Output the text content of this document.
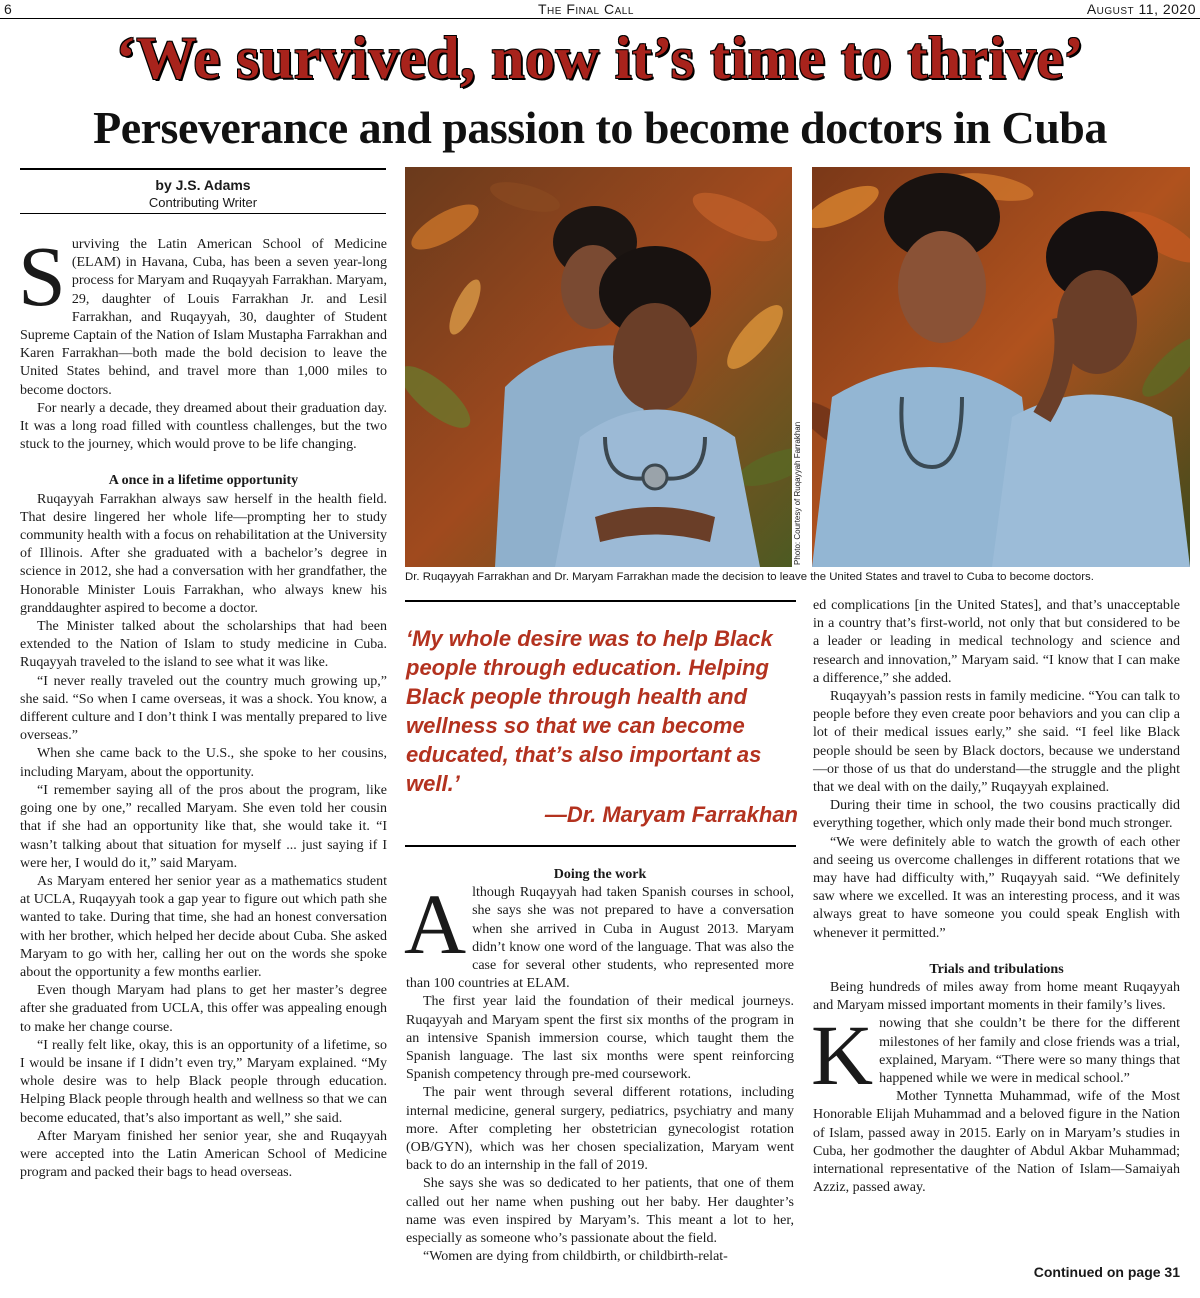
6	The Final Call	August 11, 2020
‘We survived, now it’s time to thrive’
Perseverance and passion to become doctors in Cuba
by J.S. Adams
Contributing Writer

Surviving the Latin American School of Medicine (ELAM) in Havana, Cuba, has been a seven year-long process for Maryam and Ruqayyah Farrakhan. Maryam, 29, daughter of Louis Farrakhan Jr. and Lesil Farrakhan, and Ruqayyah, 30, daughter of Student Supreme Captain of the Nation of Islam Mustapha Farrakhan and Karen Farrakhan—both made the bold decision to leave the United States behind, and travel more than 1,000 miles to become doctors.

For nearly a decade, they dreamed about their graduation day. It was a long road filled with countless challenges, but the two stuck to the journey, which would prove to be life changing.

A once in a lifetime opportunity

Ruqayyah Farrakhan always saw herself in the health field. That desire lingered her whole life—prompting her to study community health with a focus on rehabilitation at the University of Illinois. After she graduated with a bachelor’s degree in science in 2012, she had a conversation with her grandfather, the Honorable Minister Louis Farrakhan, who always knew his granddaughter aspired to become a doctor.

The Minister talked about the scholarships that had been extended to the Nation of Islam to study medicine in Cuba. Ruqayyah traveled to the island to see what it was like.

“I never really traveled out the country much growing up,” she said. “So when I came overseas, it was a shock. You know, a different culture and I don’t think I was mentally prepared to live overseas.”

When she came back to the U.S., she spoke to her cousins, including Maryam, about the opportunity.

“I remember saying all of the pros about the program, like going one by one,” recalled Maryam. She even told her cousin that if she had an opportunity like that, she would take it. “I wasn’t talking about that situation for myself ... just saying if I were her, I would do it,” said Maryam.

As Maryam entered her senior year as a mathematics student at UCLA, Ruqayyah took a gap year to figure out which path she wanted to take. During that time, she had an honest conversation with her brother, which helped her decide about Cuba. She asked Maryam to go with her, calling her out on the words she spoke about the opportunity a few months earlier.

Even though Maryam had plans to get her master’s degree after she graduated from UCLA, this offer was appealing enough to make her change course.

“I really felt like, okay, this is an opportunity of a lifetime, so I would be insane if I didn’t even try,” Maryam explained. “My whole desire was to help Black people through education. Helping Black people through health and wellness so that we can become educated, that’s also important as well,” she said.

After Maryam finished her senior year, she and Ruqayyah were accepted into the Latin American School of Medicine program and packed their bags to head overseas.

Photo: Courtesy of Ruqayyah Farrakhan
Dr. Ruqayyah Farrakhan and Dr. Maryam Farrakhan made the decision to leave the United States and travel to Cuba to become doctors.
‘My whole desire was to help Black people through education. Helping Black people through health and wellness so that we can become educated, that’s also important as well.’
—Dr. Maryam Farrakhan
Doing the work

Although Ruqayyah had taken Spanish courses in school, she says she was not prepared to have a conversation when she arrived in Cuba in August 2013. Maryam didn’t know one word of the language. That was also the case for several other students, who represented more than 100 countries at ELAM.

The first year laid the foundation of their medical journeys. Ruqayyah and Maryam spent the first six months of the program in an intensive Spanish immersion course, which taught them the Spanish language. The last six months were spent reinforcing Spanish competency through pre-med coursework.

The pair went through several different rotations, including internal medicine, general surgery, pediatrics, psychiatry and many more. After completing her obstetrician gynecologist rotation (OB/GYN), which was her chosen specialization, Maryam went back to do an internship in the fall of 2019.

She says she was so dedicated to her patients, that one of them called out her name when pushing out her baby. Her daughter’s name was even inspired by Maryam’s. This meant a lot to her, especially as someone who’s passionate about the field.

“Women are dying from childbirth, or childbirth-relat-

ed complications [in the United States], and that’s unacceptable in a country that’s first-world, not only that but considered to be a leader or leading in medical technology and science and research and innovation,” Maryam said. “I know that I can make a difference,” she added.

Ruqayyah’s passion rests in family medicine. “You can talk to people before they even create poor behaviors and you can clip a lot of their medical issues early,” she said. “I feel like Black people should be seen by Black doctors, because we understand—or those of us that do understand—the struggle and the plight that we deal with on the daily,” Ruqayyah explained.

During their time in school, the two cousins practically did everything together, which only made their bond much stronger.

“We were definitely able to watch the growth of each other and seeing us overcome challenges in different rotations that we may have had difficulty with,” Ruqayyah said. “We definitely saw where we excelled. It was an interesting process, and it was always great to have someone you could speak English with whenever it permitted.”

Trials and tribulations

Being hundreds of miles away from home meant Ruqayyah and Maryam missed important moments in their family’s lives.

Knowing that she couldn’t be there for the different milestones of her family and close friends was a trial, explained, Maryam. “There were so many things that happened while we were in medical school.”

Mother Tynnetta Muhammad, wife of the Most Honorable Elijah Muhammad and a beloved figure in the Nation of Islam, passed away in 2015. Early on in Maryam’s studies in Cuba, her godmother the daughter of Abdul Akbar Muhammad; international representative of the Nation of Islam—Samaiyah Azziz, passed away.

Continued on page 31
